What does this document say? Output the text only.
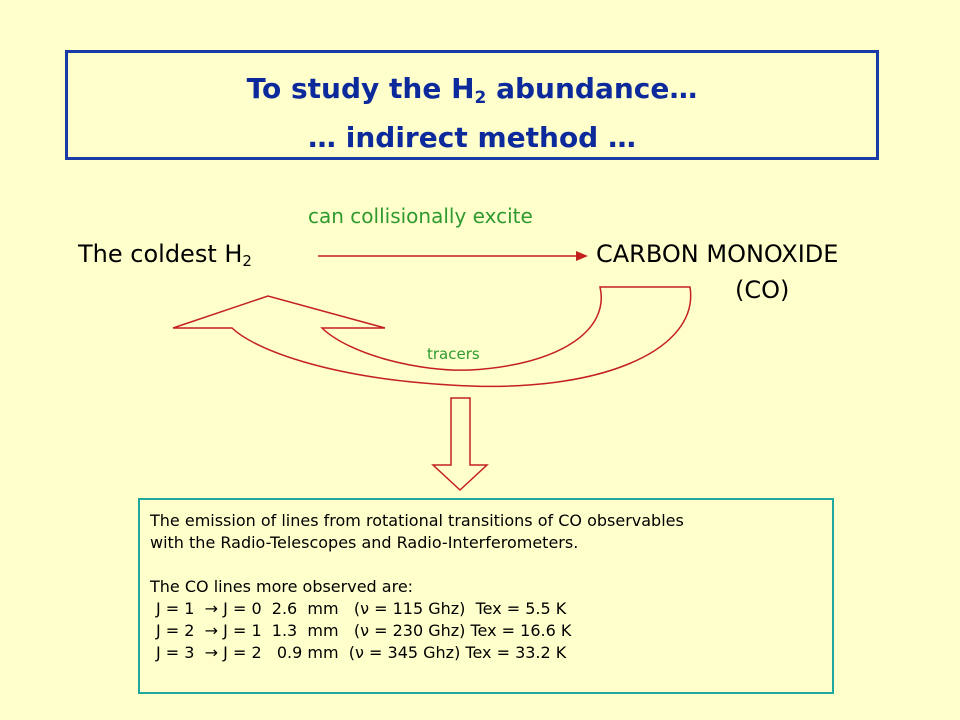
To study the $H_2$ abundance…
… indirect method …
can collisionally excite
The coldest H2	CARBON MONOXIDE
(CO)
tracers

The emission of lines from rotational transitions of CO observables

with the Radio-Telescopes and Radio-Interferometers.

The CO lines more observed are:

J = 1  → J = 0  2.6  mm   (ν = 115 Ghz)  Tex = 5.5 K

J = 2  → J = 1  1.3  mm   (ν = 230 Ghz) Tex = 16.6 K

J = 3  → J = 2   0.9 mm  (ν = 345 Ghz) Tex = 33.2 K
